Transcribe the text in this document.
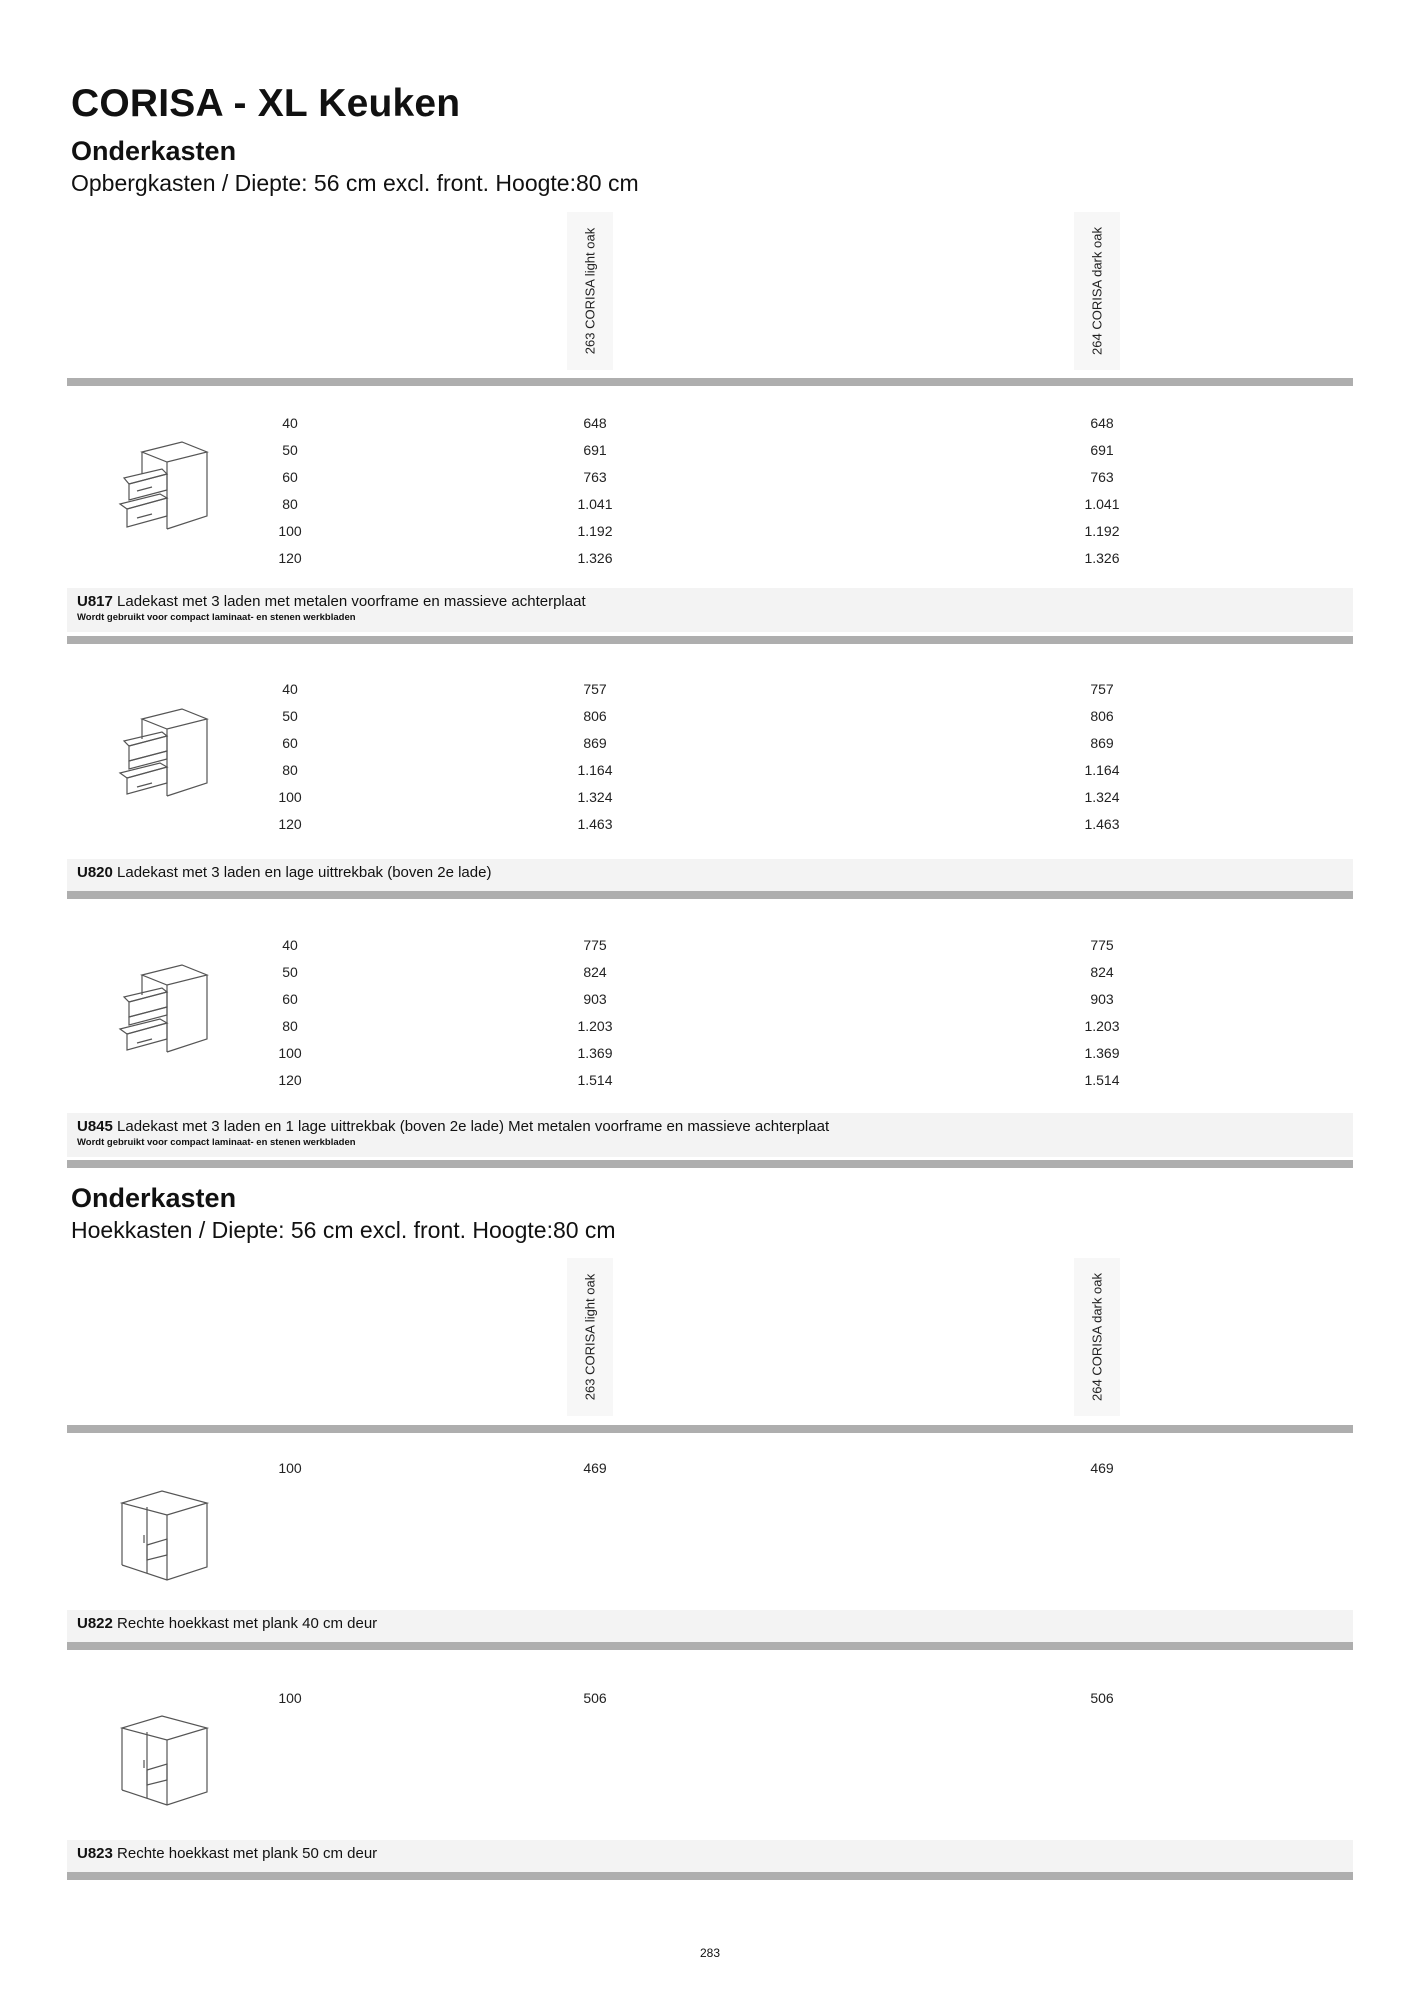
CORISA - XL Keuken
Onderkasten
Opbergkasten / Diepte: 56 cm excl. front. Hoogte:80 cm
263 CORISA light oak	264 CORISA dark oak
40	648	648
50	691	691
60	763	763
80	1.041	1.041
100	1.192	1.192
120	1.326	1.326
U817 Ladekast met 3 laden met metalen voorframe en massieve achterplaat
Wordt gebruikt voor compact laminaat- en stenen werkbladen
40	757	757
50	806	806
60	869	869
80	1.164	1.164
100	1.324	1.324
120	1.463	1.463
U820 Ladekast met 3 laden en lage uittrekbak (boven 2e lade)
40	775	775
50	824	824
60	903	903
80	1.203	1.203
100	1.369	1.369
120	1.514	1.514
U845 Ladekast met 3 laden en 1 lage uittrekbak (boven 2e lade) Met metalen voorframe en massieve achterplaat
Wordt gebruikt voor compact laminaat- en stenen werkbladen
Onderkasten
Hoekkasten / Diepte: 56 cm excl. front. Hoogte:80 cm
263 CORISA light oak	264 CORISA dark oak
100	469	469
U822 Rechte hoekkast met plank 40 cm deur
100	506	506
U823 Rechte hoekkast met plank 50 cm deur
283
